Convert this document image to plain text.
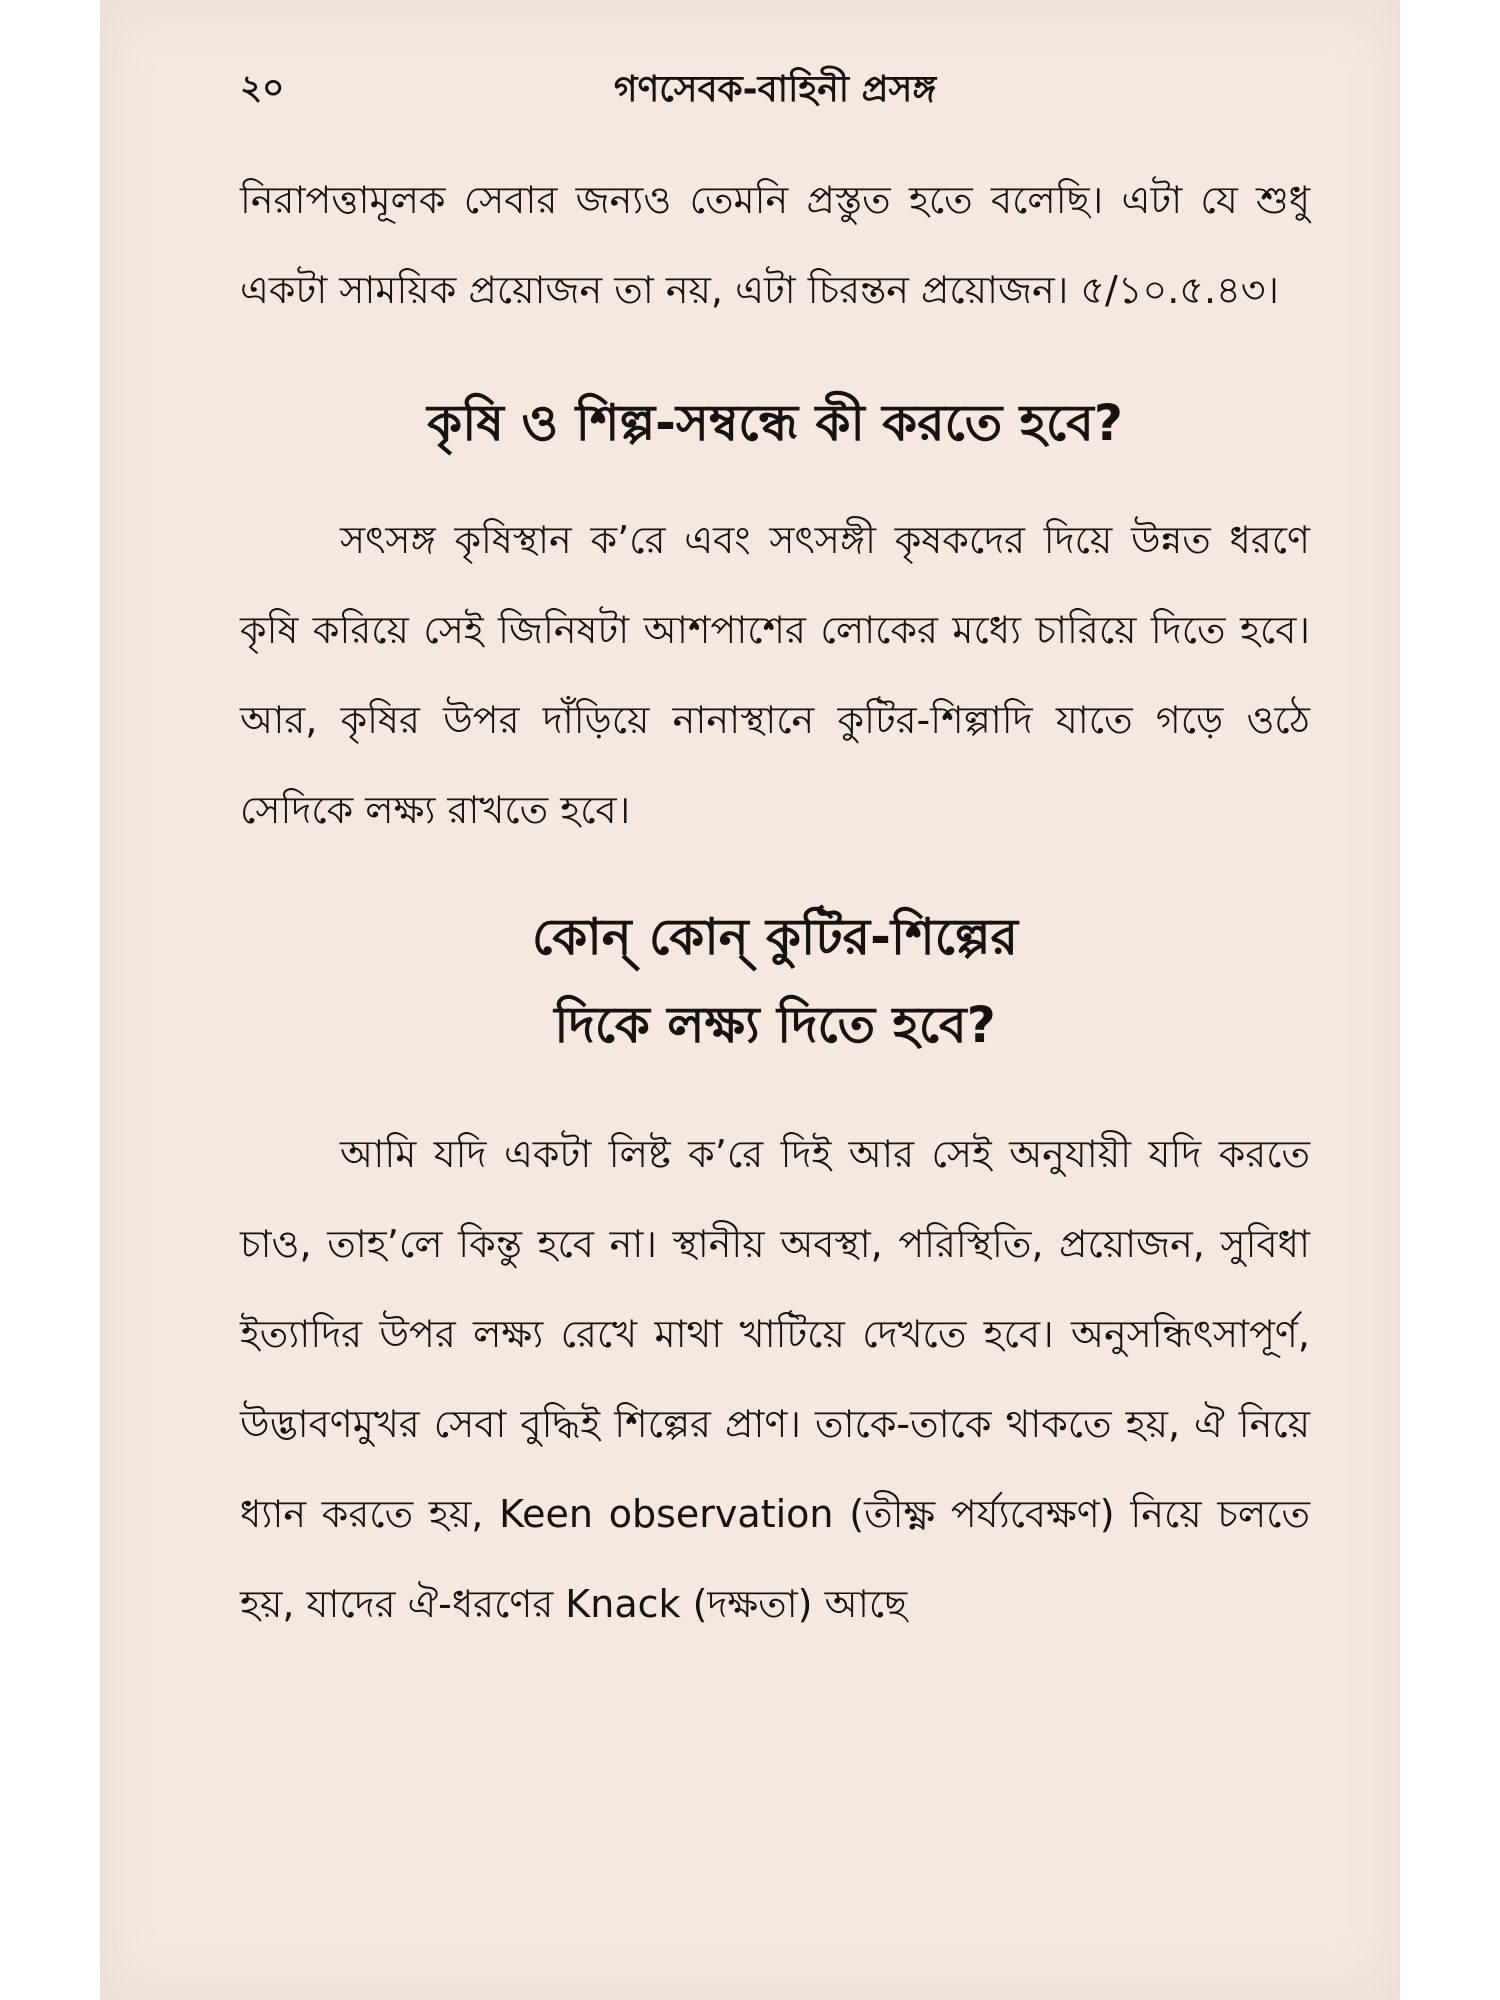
২০	গণসেবক-বাহিনী প্রসঙ্গ

নিরাপত্তামূলক সেবার জন্যও তেমনি প্রস্তুত হতে বলেছি। এটা যে শুধু একটা সাময়িক প্রয়োজন তা নয়, এটা চিরন্তন প্রয়োজন। ৫/১০.৫.৪৩।

কৃষি ও শিল্প-সম্বন্ধে কী করতে হবে?

সৎসঙ্গ কৃষিস্থান ক’রে এবং সৎসঙ্গী কৃষকদের দিয়ে উন্নত ধরণে কৃষি করিয়ে সেই জিনিষটা আশপাশের লোকের মধ্যে চারিয়ে দিতে হবে। আর, কৃষির উপর দাঁড়িয়ে নানাস্থানে কুটির-শিল্পাদি যাতে গড়ে ওঠে সেদিকে লক্ষ্য রাখতে হবে।

কোন্ কোন্ কুটির-শিল্পের
দিকে লক্ষ্য দিতে হবে?

আমি যদি একটা লিষ্ট ক’রে দিই আর সেই অনুযায়ী যদি করতে চাও, তাহ’লে কিন্তু হবে না। স্থানীয় অবস্থা, পরিস্থিতি, প্রয়োজন, সুবিধা ইত্যাদির উপর লক্ষ্য রেখে মাথা খাটিয়ে দেখতে হবে। অনুসন্ধিৎসাপূর্ণ, উদ্ভাবণমুখর সেবা বুদ্ধিই শিল্পের প্রাণ। তাকে-তাকে থাকতে হয়, ঐ নিয়ে ধ্যান করতে হয়, Keen observation (তীক্ষ্ণ পর্য্যবেক্ষণ) নিয়ে চলতে হয়, যাদের ঐ-ধরণের Knack (দক্ষতা) আছে
